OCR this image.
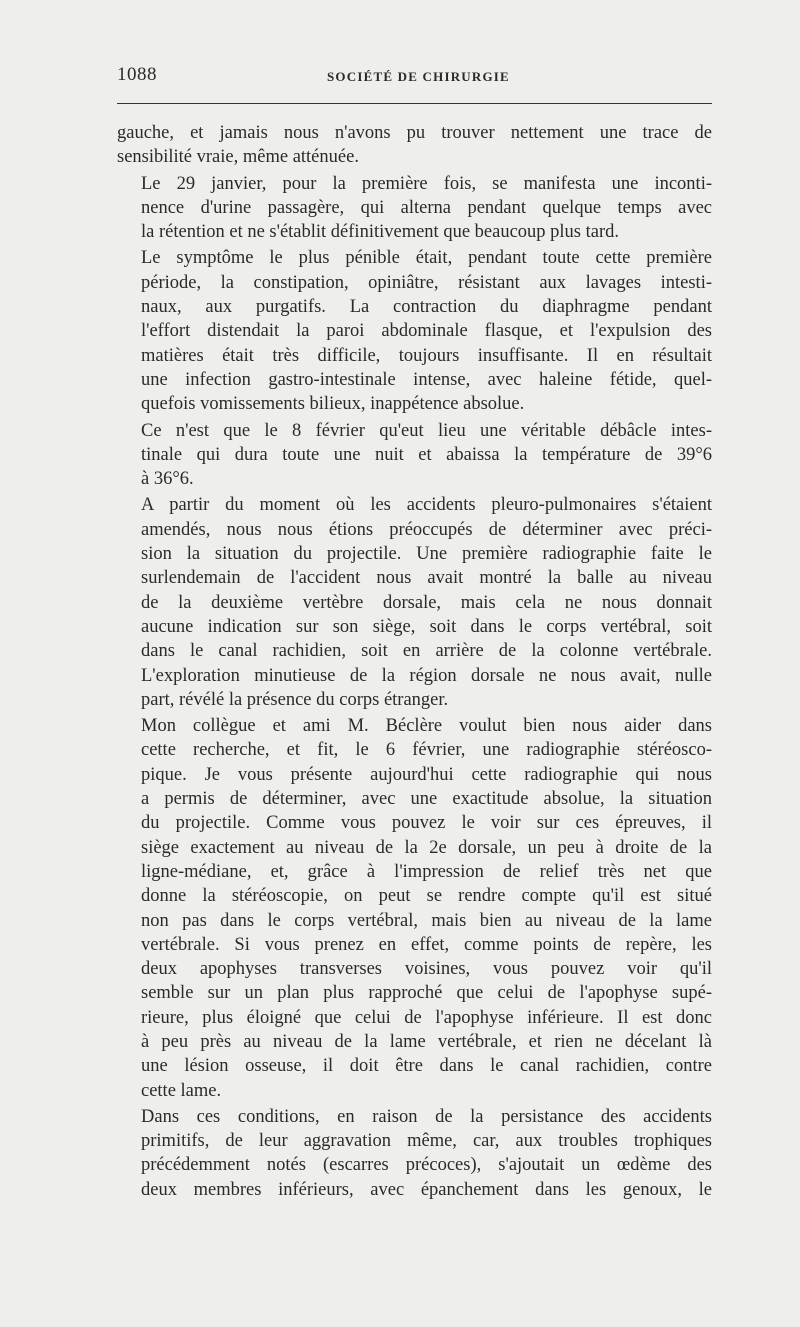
1088	SOCIÉTÉ DE CHIRURGIE

gauche, et jamais nous n'avons pu trouver nettement une trace de
sensibilité vraie, même atténuée.

Le 29 janvier, pour la première fois, se manifesta une inconti-
nence d'urine passagère, qui alterna pendant quelque temps avec
la rétention et ne s'établit définitivement que beaucoup plus tard.

Le symptôme le plus pénible était, pendant toute cette première
période, la constipation, opiniâtre, résistant aux lavages intesti-
naux, aux purgatifs. La contraction du diaphragme pendant
l'effort distendait la paroi abdominale flasque, et l'expulsion des
matières était très difficile, toujours insuffisante. Il en résultait
une infection gastro-intestinale intense, avec haleine fétide, quel-
quefois vomissements bilieux, inappétence absolue.

Ce n'est que le 8 février qu'eut lieu une véritable débâcle intes-
tinale qui dura toute une nuit et abaissa la température de 39°6
à 36°6.

A partir du moment où les accidents pleuro-pulmonaires s'étaient
amendés, nous nous étions préoccupés de déterminer avec préci-
sion la situation du projectile. Une première radiographie faite le
surlendemain de l'accident nous avait montré la balle au niveau
de la deuxième vertèbre dorsale, mais cela ne nous donnait
aucune indication sur son siège, soit dans le corps vertébral, soit
dans le canal rachidien, soit en arrière de la colonne vertébrale.
L'exploration minutieuse de la région dorsale ne nous avait, nulle
part, révélé la présence du corps étranger.

Mon collègue et ami M. Béclère voulut bien nous aider dans
cette recherche, et fit, le 6 février, une radiographie stéréosco-
pique. Je vous présente aujourd'hui cette radiographie qui nous
a permis de déterminer, avec une exactitude absolue, la situation
du projectile. Comme vous pouvez le voir sur ces épreuves, il
siège exactement au niveau de la 2e dorsale, un peu à droite de la
ligne-médiane, et, grâce à l'impression de relief très net que
donne la stéréoscopie, on peut se rendre compte qu'il est situé
non pas dans le corps vertébral, mais bien au niveau de la lame
vertébrale. Si vous prenez en effet, comme points de repère, les
deux apophyses transverses voisines, vous pouvez voir qu'il
semble sur un plan plus rapproché que celui de l'apophyse supé-
rieure, plus éloigné que celui de l'apophyse inférieure. Il est donc
à peu près au niveau de la lame vertébrale, et rien ne décelant là
une lésion osseuse, il doit être dans le canal rachidien, contre
cette lame.

Dans ces conditions, en raison de la persistance des accidents
primitifs, de leur aggravation même, car, aux troubles trophiques
précédemment notés (escarres précoces), s'ajoutait un œdème des
deux membres inférieurs, avec épanchement dans les genoux, le
